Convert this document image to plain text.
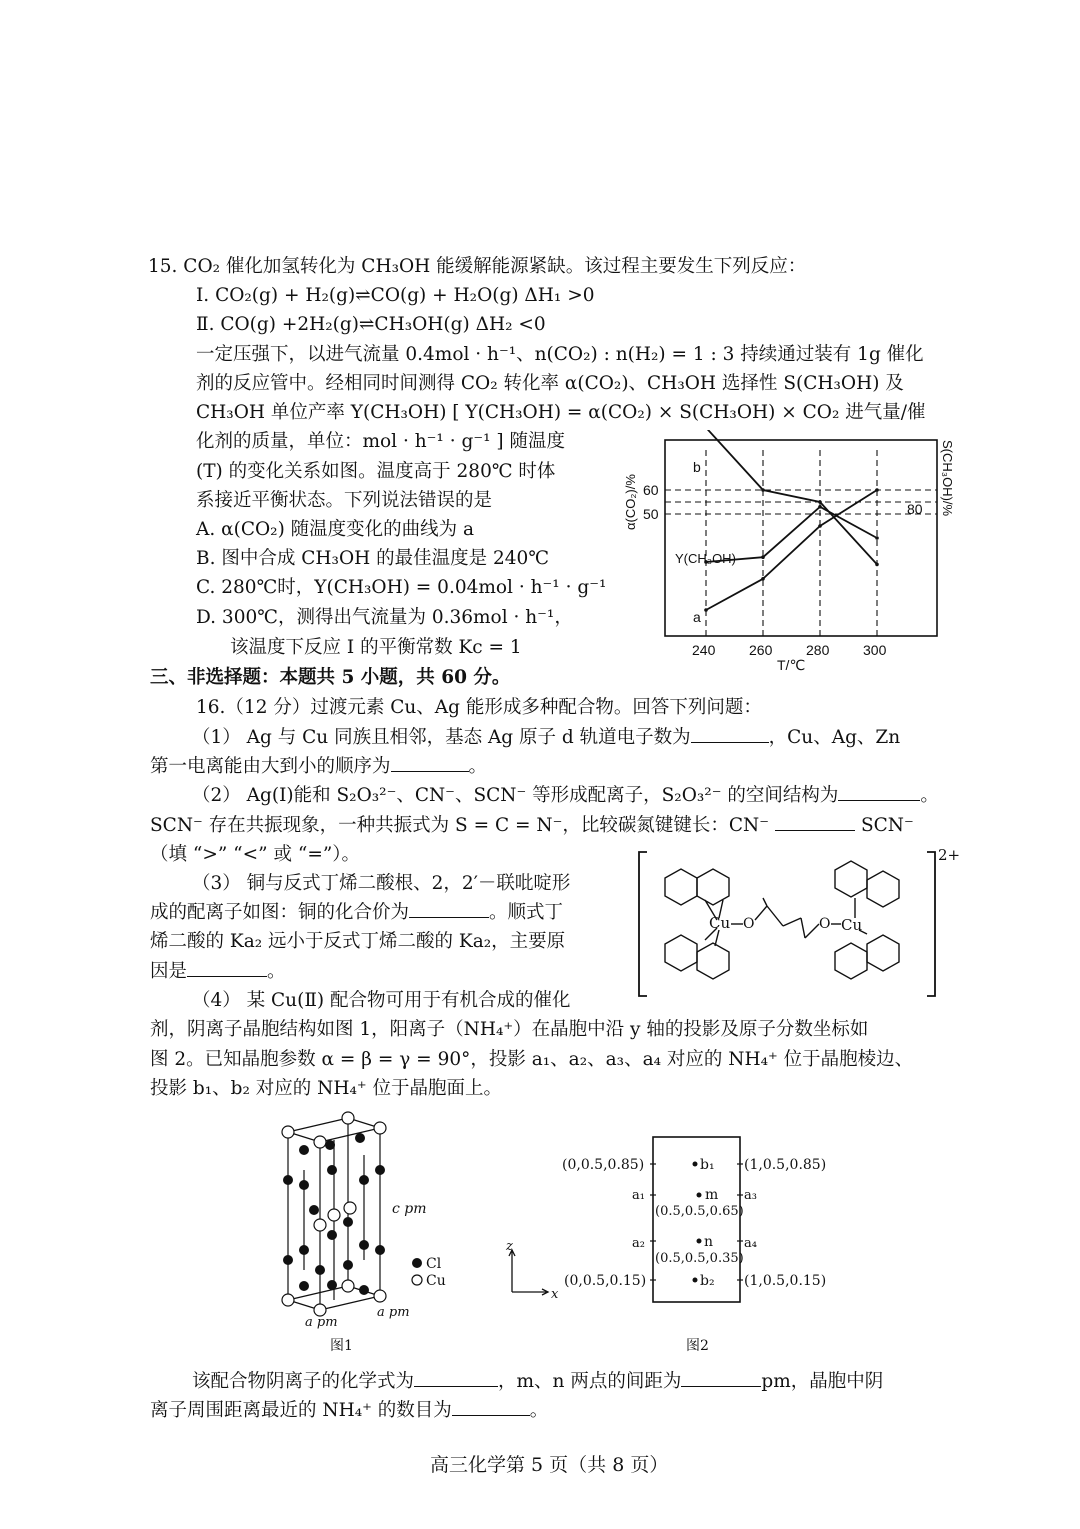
15. CO₂ 催化加氢转化为 CH₃OH 能缓解能源紧缺。该过程主要发生下列反应：
Ⅰ. CO₂(g) + H₂(g)⇌CO(g) + H₂O(g) ΔH₁ >0
Ⅱ. CO(g) +2H₂(g)⇌CH₃OH(g) ΔH₂ <0
一定压强下，以进气流量 0.4mol · h⁻¹、n(CO₂) : n(H₂) = 1 : 3 持续通过装有 1g 催化
剂的反应管中。经相同时间测得 CO₂ 转化率 α(CO₂)、CH₃OH 选择性 S(CH₃OH) 及
CH₃OH 单位产率 Y(CH₃OH) [ Y(CH₃OH) = α(CO₂) × S(CH₃OH) × CO₂ 进气量/催
化剂的质量，单位：mol · h⁻¹ · g⁻¹ ] 随温度
(T) 的变化关系如图。温度高于 280℃ 时体
系接近平衡状态。下列说法错误的是
A. α(CO₂) 随温度变化的曲线为 a
B. 图中合成 CH₃OH 的最佳温度是 240℃
C. 280℃时，Y(CH₃OH) = 0.04mol · h⁻¹ · g⁻¹
D. 300℃，测得出气流量为 0.36mol · h⁻¹，
该温度下反应 Ⅰ 的平衡常数 Kc = 1
b
Y(CH₃OH)
a
240 260 280 300
60
50	80
T/℃
α(CO₂)/%	S(CH₃OH)/%
三、非选择题：本题共 5 小题，共 60 分。
16.（12 分）过渡元素 Cu、Ag 能形成多种配合物。回答下列问题：
（1） Ag 与 Cu 同族且相邻，基态 Ag 原子 d 轨道电子数为	，Cu、Ag、Zn
第一电离能由大到小的顺序为	。
（2） Ag(Ⅰ)能和 S₂O₃²⁻、CN⁻、SCN⁻ 等形成配离子，S₂O₃²⁻ 的空间结构为	。
SCN⁻ 存在共振现象，一种共振式为 S = C = N⁻，比较碳氮键键长：CN⁻	SCN⁻
（填 “>” “<” 或 “=”）。
（3） 铜与反式丁烯二酸根、2，2′－联吡啶形
成的配离子如图：铜的化合价为	。顺式丁
烯二酸的 Ka₂ 远小于反式丁烯二酸的 Ka₂，主要原
因是	。
（4） 某 Cu(Ⅱ) 配合物可用于有机合成的催化
剂，阴离子晶胞结构如图 1，阳离子（NH₄⁺）在晶胞中沿 y 轴的投影及原子分数坐标如
图 2。已知晶胞参数 α = β = γ = 90°，投影 a₁、a₂、a₃、a₄ 对应的 NH₄⁺ 位于晶胞棱边、
投影 b₁、b₂ 对应的 NH₄⁺ 位于晶胞面上。
2+
Cu O	O Cu
c pm
a pm
a pm
Cl
Cu
图1
(0,0.5,0.85)	(1,0.5,0.85)
(0,0.5,0.15)	(1,0.5,0.15)
b₁
b₂
m
n
(0.5,0.5,0.65)
(0.5,0.5,0.35)
a₁
a₂
a₃
a₄
z
x
图2
该配合物阴离子的化学式为	，m、n 两点的间距为	pm，晶胞中阴
离子周围距离最近的 NH₄⁺ 的数目为	。
高三化学第 5 页（共 8 页）
